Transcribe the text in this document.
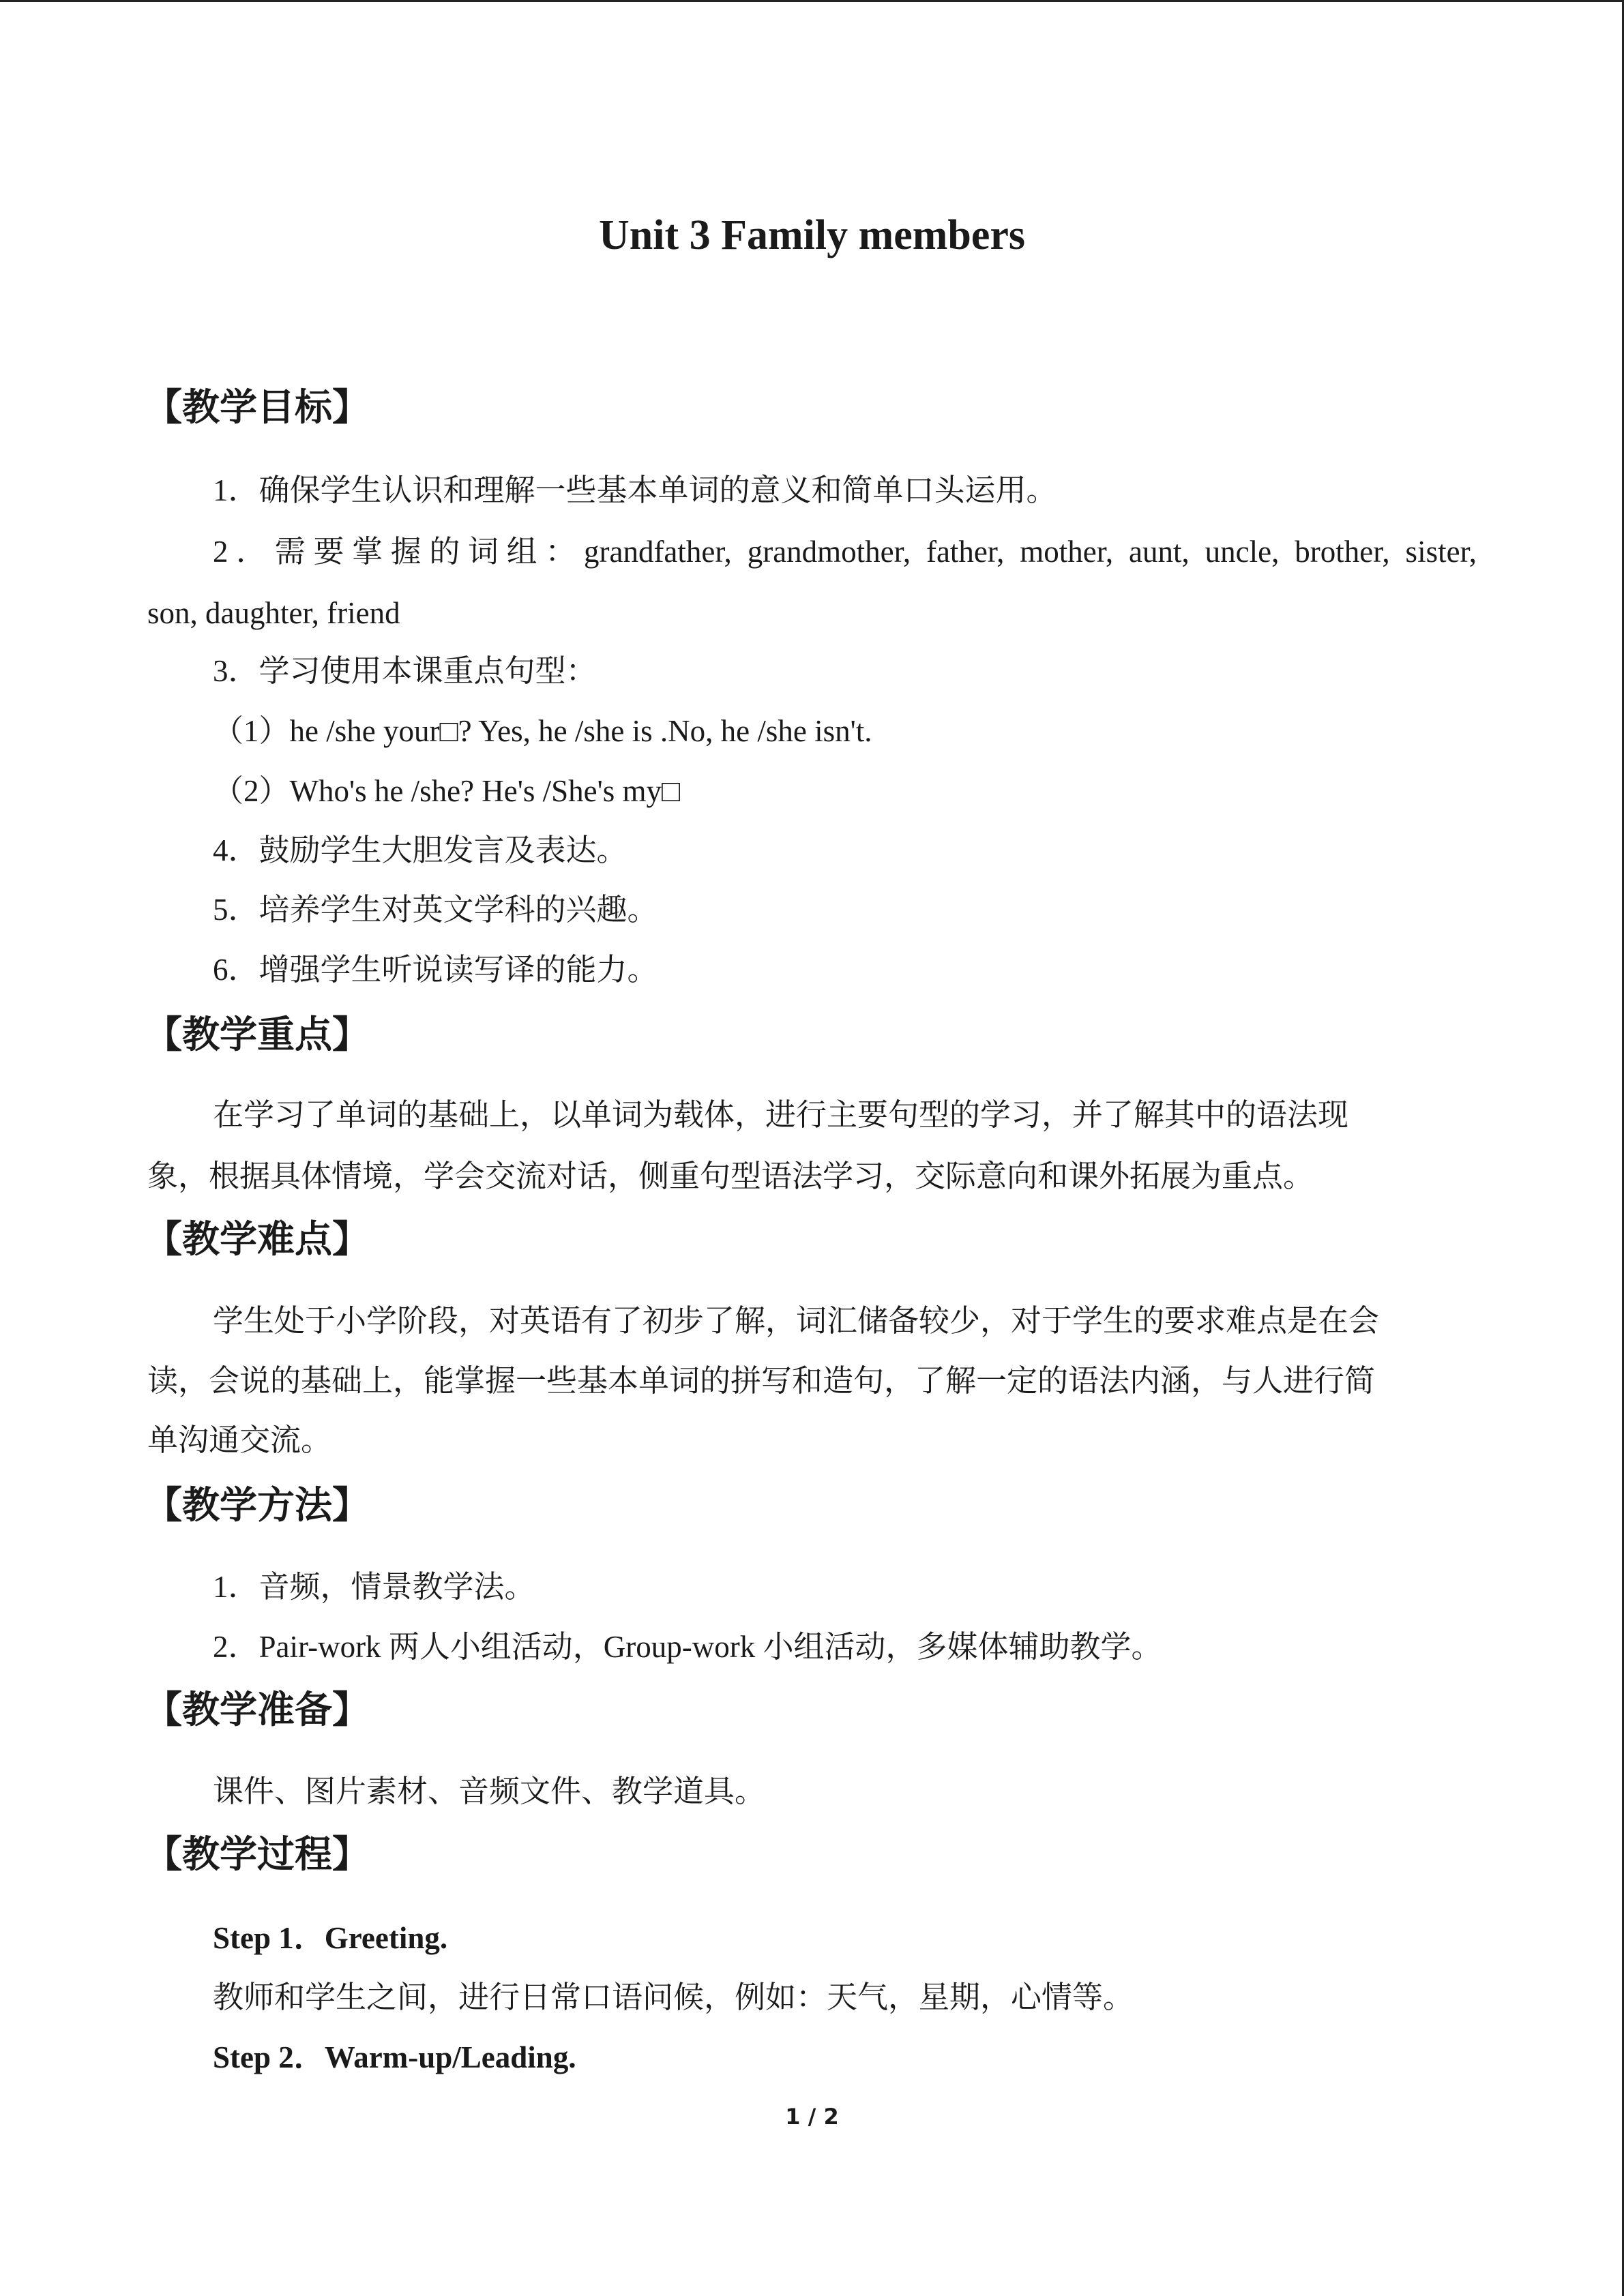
Unit 3 Family members
【教学目标】
1．确保学生认识和理解一些基本单词的意义和简单口头运用。
2．需要掌握的词组：grandfather, grandmother, father, mother, aunt, uncle, brother, sister,
son, daughter, friend
3．学习使用本课重点句型：
（1）he /she your□? Yes, he /she is .No, he /she isn't.
（2）Who's he /she? He's /She's my□
4．鼓励学生大胆发言及表达。
5．培养学生对英文学科的兴趣。
6．增强学生听说读写译的能力。
【教学重点】
在学习了单词的基础上，以单词为载体，进行主要句型的学习，并了解其中的语法现
象，根据具体情境，学会交流对话，侧重句型语法学习，交际意向和课外拓展为重点。
【教学难点】
学生处于小学阶段，对英语有了初步了解，词汇储备较少，对于学生的要求难点是在会
读，会说的基础上，能掌握一些基本单词的拼写和造句，了解一定的语法内涵，与人进行简
单沟通交流。
【教学方法】
1．音频，情景教学法。
2．Pair-work 两人小组活动，Group-work 小组活动，多媒体辅助教学。
【教学准备】
课件、图片素材、音频文件、教学道具。
【教学过程】
Step 1．Greeting.
教师和学生之间，进行日常口语问候，例如：天气，星期，心情等。
Step 2．Warm-up/Leading.
1 / 2
